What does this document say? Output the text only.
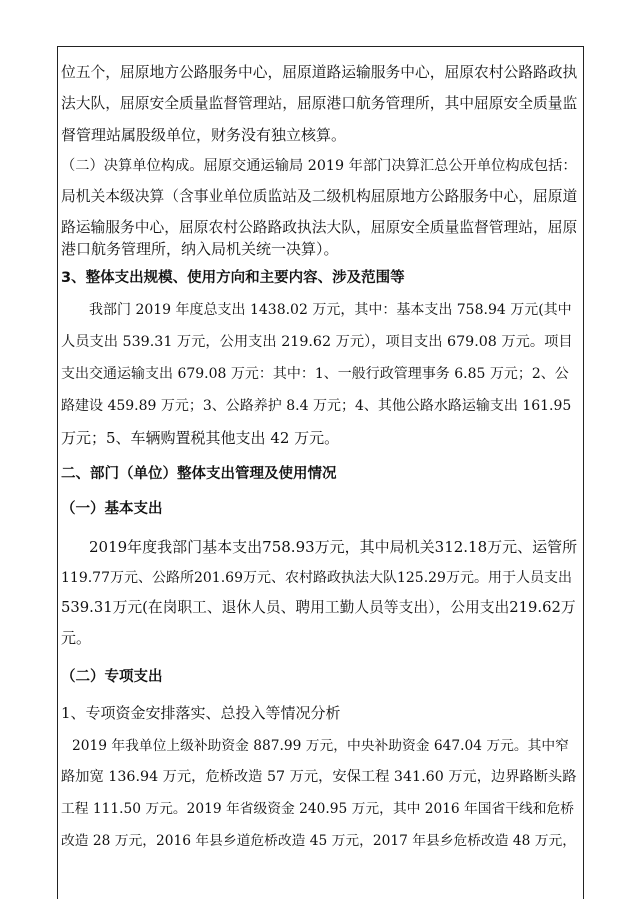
位五个，屈原地方公路服务中心，屈原道路运输服务中心，屈原农村公路路政执
法大队，屈原安全质量监督管理站，屈原港口航务管理所，其中屈原安全质量监
督管理站属股级单位，财务没有独立核算。
（二）决算单位构成。屈原交通运输局 2019 年部门决算汇总公开单位构成包括：
局机关本级决算（含事业单位质监站及二级机构屈原地方公路服务中心，屈原道
路运输服务中心，屈原农村公路路政执法大队，屈原安全质量监督管理站，屈原
港口航务管理所，纳入局机关统一决算）。
3、整体支出规模、使用方向和主要内容、涉及范围等
我部门 2019 年度总支出 1438.02 万元，其中：基本支出 758.94 万元(其中
人员支出 539.31 万元，公用支出 219.62 万元），项目支出 679.08 万元。项目
支出交通运输支出 679.08 万元：其中：1、一般行政管理事务 6.85 万元；2、公
路建设 459.89 万元；3、公路养护 8.4 万元；4、其他公路水路运输支出 161.95
万元；5、车辆购置税其他支出 42 万元。
二、部门（单位）整体支出管理及使用情况
（一）基本支出
2019年度我部门基本支出758.93万元，其中局机关312.18万元、运管所
119.77万元、公路所201.69万元、农村路政执法大队125.29万元。用于人员支出
539.31万元(在岗职工、退休人员、聘用工勤人员等支出），公用支出219.62万
元。
（二）专项支出
1、专项资金安排落实、总投入等情况分析
2019 年我单位上级补助资金 887.99 万元，中央补助资金 647.04 万元。其中窄
路加宽 136.94 万元，危桥改造 57 万元，安保工程 341.60 万元，边界路断头路
工程 111.50 万元。2019 年省级资金 240.95 万元，其中 2016 年国省干线和危桥
改造 28 万元，2016 年县乡道危桥改造 45 万元，2017 年县乡危桥改造 48 万元，
